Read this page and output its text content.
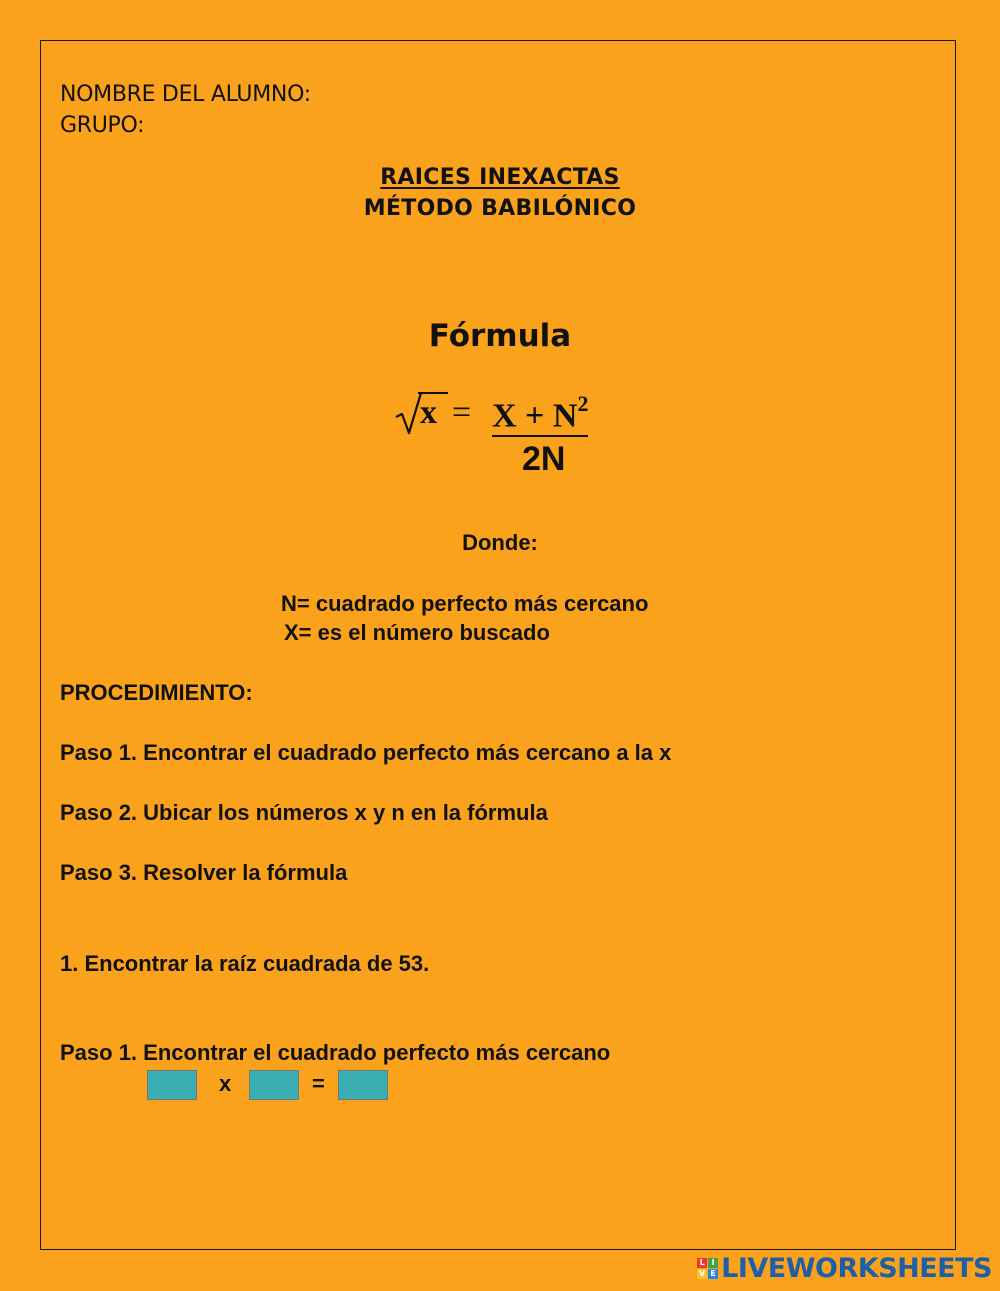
NOMBRE DEL ALUMNO:
GRUPO:
RAICES INEXACTAS
MÉTODO BABILÓNICO
Fórmula
$x = X + N^2$
2N
Donde:
N= cuadrado perfecto más cercano
X= es el número buscado
PROCEDIMIENTO:
Paso 1. Encontrar el cuadrado perfecto más cercano a la x
Paso 2. Ubicar los números x y n en la fórmula
Paso 3. Resolver la fórmula
1. Encontrar la raíz cuadrada de 53.
Paso 1. Encontrar el cuadrado perfecto más cercano
x	=
L I
V E LIVEWORKSHEETS
